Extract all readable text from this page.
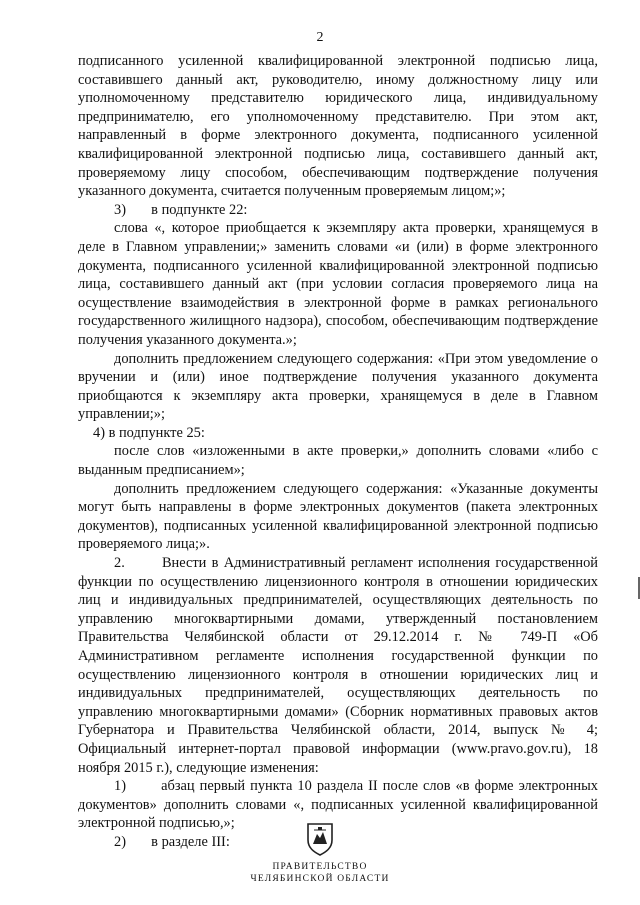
2

подписанного усиленной квалифицированной электронной подписью лица, составившего данный акт, руководителю, иному должностному лицу или уполномоченному представителю юридического лица, индивидуальному предпринимателю, его уполномоченному представителю. При этом акт, направленный в форме электронного документа, подписанного усиленной квалифицированной электронной подписью лица, составившего данный акт, проверяемому лицу способом, обеспечивающим подтверждение получения указанного документа, считается полученным проверяемым лицом;»;

3)       в подпункте 22:

слова «, которое приобщается к экземпляру акта проверки, хранящемуся в деле в Главном управлении;» заменить словами «и (или) в форме электронного документа, подписанного усиленной квалифицированной электронной подписью лица, составившего данный акт (при условии согласия проверяемого лица на осуществление взаимодействия в электронной форме в рамках регионального государственного жилищного надзора), способом, обеспечивающим подтверждение получения указанного документа.»;

дополнить предложением следующего содержания: «При этом уведомление о вручении и (или) иное подтверждение получения указанного документа приобщаются к экземпляру акта проверки, хранящемуся в деле в Главном управлении;»;

4) в подпункте 25:

после слов «изложенными в акте проверки,» дополнить словами «либо с выданным предписанием»;

дополнить предложением следующего содержания: «Указанные документы могут быть направлены в форме электронных документов (пакета электронных документов), подписанных усиленной квалифицированной электронной подписью проверяемого лица;».

2.       Внести в Административный регламент исполнения государственной функции по осуществлению лицензионного контроля в отношении юридических лиц и индивидуальных предпринимателей, осуществляющих деятельность по управлению многоквартирными домами, утвержденный постановлением Правительства Челябинской области от 29.12.2014 г. № 749-П «Об Административном регламенте исполнения государственной функции по осуществлению лицензионного контроля в отношении юридических лиц и индивидуальных предпринимателей, осуществляющих деятельность по управлению многоквартирными домами» (Сборник нормативных правовых актов Губернатора и Правительства Челябинской области, 2014, выпуск № 4; Официальный интернет-портал правовой информации (www.pravo.gov.ru), 18 ноября 2015 г.), следующие изменения:

1)       абзац первый пункта 10 раздела II после слов «в форме электронных документов» дополнить словами «, подписанных усиленной квалифицированной электронной подписью,»;

2)       в разделе III:

ПРАВИТЕЛЬСТВО
ЧЕЛЯБИНСКОЙ ОБЛАСТИ
